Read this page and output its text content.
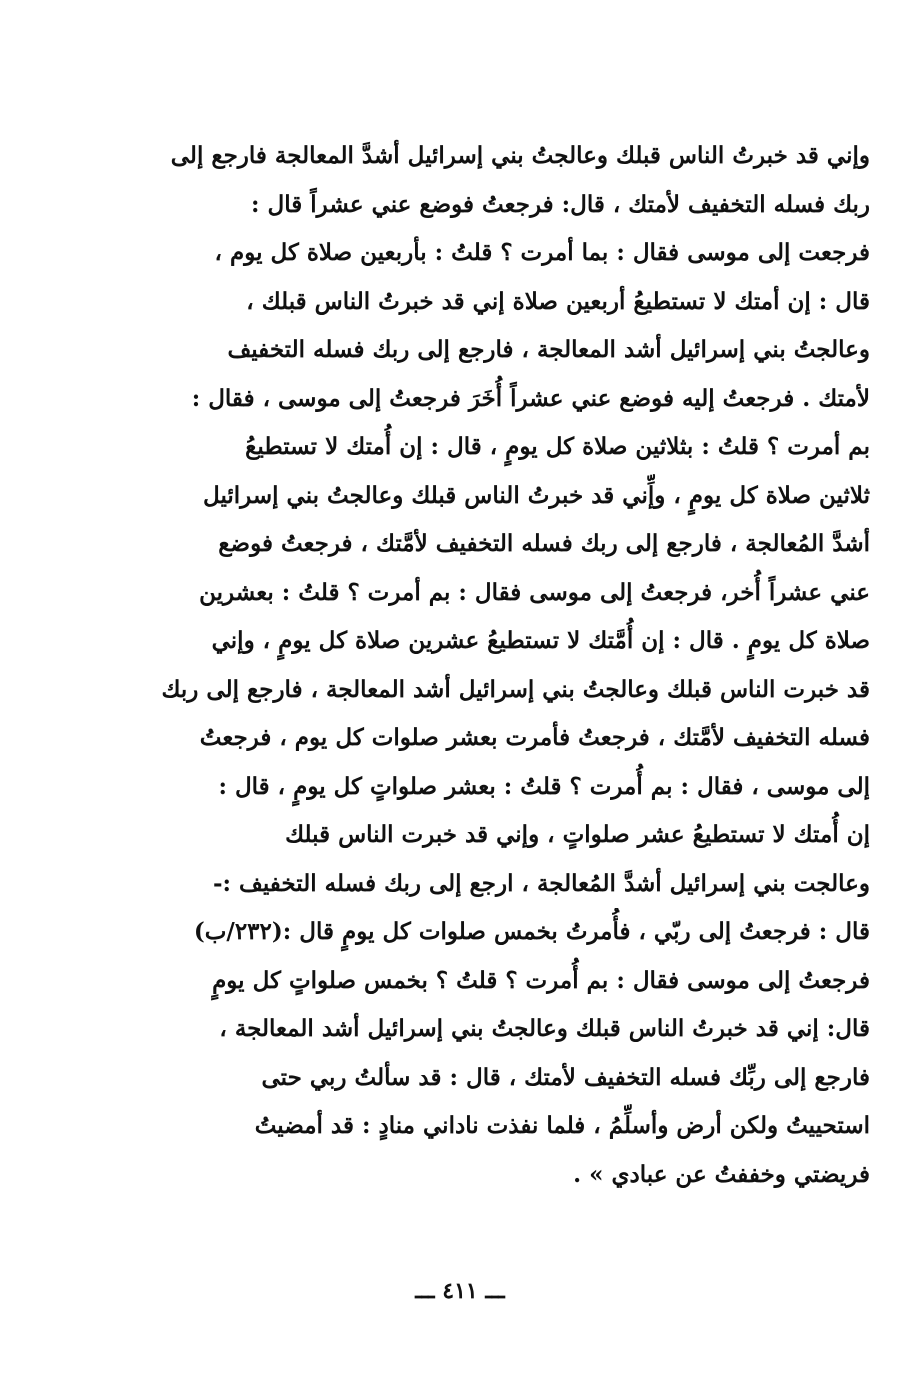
وإني قد خبرتُ الناس قبلك وعالجتُ بني إسرائيل أشدَّ المعالجة فارجع إلى
ربك فسله التخفيف لأمتك ، قال: فرجعتُ فوضع عني عشراً قال :
فرجعت إلى موسى فقال : بما أمرت ؟ قلتُ : بأربعين صلاة كل يوم ،
قال : إن أمتك لا تستطيعُ أربعين صلاة إني قد خبرتُ الناس قبلك ،
وعالجتُ بني إسرائيل أشد المعالجة ، فارجع إلى ربك فسله التخفيف
لأمتك . فرجعتُ إليه فوضع عني عشراً أُخَرَ فرجعتُ إلى موسى ، فقال :
بم أمرت ؟ قلتُ : بثلاثين صلاة كل يومٍ ، قال : إن أُمتك لا تستطيعُ
ثلاثين صلاة كل يومٍ ، وإِّني قد خبرتُ الناس قبلك وعالجتُ بني إسرائيل
أشدَّ المُعالجة ، فارجع إلى ربك فسله التخفيف لأمَّتك ، فرجعتُ فوضع
عني عشراً أُخر، فرجعتُ إلى موسى فقال : بم أمرت ؟ قلتُ : بعشرين
صلاة كل يومٍ . قال : إن أُمَّتك لا تستطيعُ عشرين صلاة كل يومٍ ، وإني
قد خبرت الناس قبلك وعالجتُ بني إسرائيل أشد المعالجة ، فارجع إلى ربك
فسله التخفيف لأمَّتك ، فرجعتُ فأمرت بعشر صلوات كل يوم ، فرجعتُ
إلى موسى ، فقال : بم أُمرت ؟ قلتُ : بعشر صلواتٍ كل يومٍ ، قال :
إن أُمتك لا تستطيعُ عشر صلواتٍ ، وإني قد خبرت الناس قبلك
وعالجت بني إسرائيل أشدَّ المُعالجة ، ارجع إلى ربك فسله التخفيف :-
قال : فرجعتُ إلى ربّي ، فأُمرتُ بخمس صلوات كل يومٍ قال :(٢٣٢/ب)
فرجعتُ إلى موسى فقال : بم أُمرت ؟ قلتُ ؟ بخمس صلواتٍ كل يومٍ
قال: إني قد خبرتُ الناس قبلك وعالجتُ بني إسرائيل أشد المعالجة ،
فارجع إلى ربِّك فسله التخفيف لأمتك ، قال : قد سألتُ ربي حتى
استحييتُ ولكن أرض وأسلِّمُ ، فلما نفذت ناداني منادٍ : قد أمضيتُ
فريضتي وخففتُ عن عبادي » .
ـــ ٤١١ ـــ
